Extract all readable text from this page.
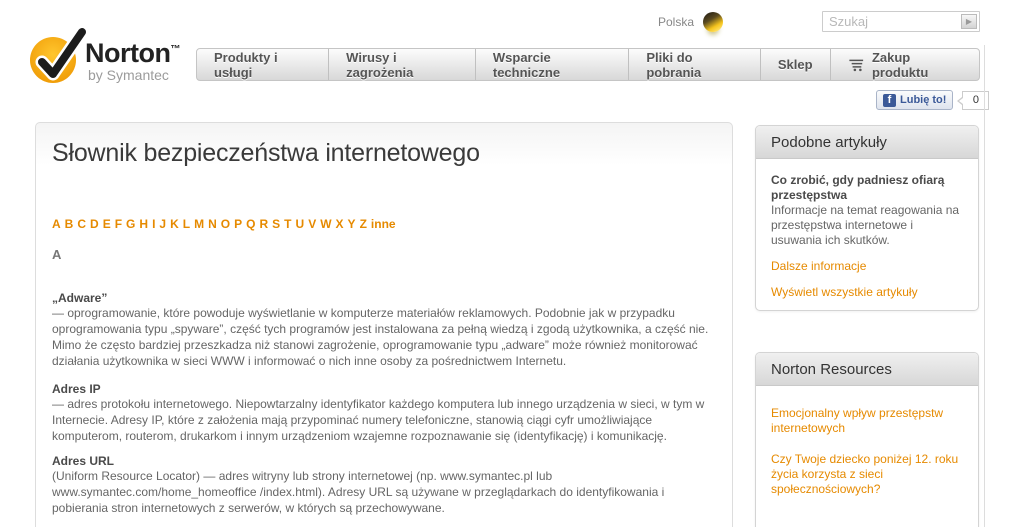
Norton™
by Symantec
Polska
Szukaj	▶
Produkty i usługi
Wirusy i zagrożenia
Wsparcie techniczne
Pliki do pobrania	Sklep	Zakup produktu
f Lubię to!	0
Słownik bezpieczeństwa internetowego
A B C D E F G H I J K L M N O P Q R S T U V W X Y Z inne
A
„Adware”

— oprogramowanie, które powoduje wyświetlanie w komputerze materiałów reklamowych. Podobnie jak w przypadku oprogramowania typu „spyware”, część tych programów jest instalowana za pełną wiedzą i zgodą użytkownika, a część nie. Mimo że często bardziej przeszkadza niż stanowi zagrożenie, oprogramowanie typu „adware” może również monitorować działania użytkownika w sieci WWW i informować o nich inne osoby za pośrednictwem Internetu.

Adres IP

— adres protokołu internetowego. Niepowtarzalny identyfikator każdego komputera lub innego urządzenia w sieci, w tym w Internecie. Adresy IP, które z założenia mają przypominać numery telefoniczne, stanowią ciągi cyfr umożliwiające komputerom, routerom, drukarkom i innym urządzeniom wzajemne rozpoznawanie się (identyfikację) i komunikację.

Adres URL

(Uniform Resource Locator) — adres witryny lub strony internetowej (np. www.symantec.pl lub www.symantec.com/home_homeoffice /index.html). Adresy URL są używane w przeglądarkach do identyfikowania i pobierania stron internetowych z serwerów, w których są przechowywane.

Podobne artykuły
Co zrobić, gdy padniesz ofiarą przestępstwa
Informacje na temat reagowania na przestępstwa internetowe i usuwania ich skutków.
Dalsze informacje
Wyświetl wszystkie artykuły
Norton Resources
Emocjonalny wpływ przestępstw internetowych
Czy Twoje dziecko poniżej 12. roku życia korzysta z sieci społecznościowych?
